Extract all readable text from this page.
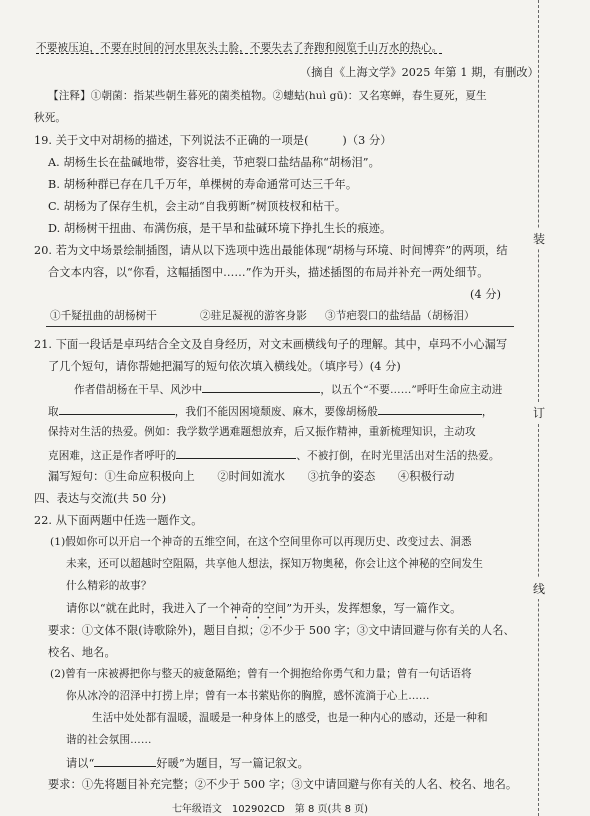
装
订
线
不要被压迫，不要在时间的河水里灰头土脸，不要失去了奔跑和阅览千山万水的热心。
（摘自《上海文学》2025 年第 1 期，有删改）
【注释】①朝菌：指某些朝生暮死的菌类植物。②蟪蛄(huì gū)：又名寒蝉，春生夏死，夏生
秋死。
19. 关于文中对胡杨的描述，下列说法不正确的一项是(　　　)（3 分）
A. 胡杨生长在盐碱地带，姿容壮美，节疤裂口盐结晶称“胡杨泪”。
B. 胡杨种群已存在几千万年，单棵树的寿命通常可达三千年。
C. 胡杨为了保存生机，会主动“自我剪断”树顶枝杈和枯干。
D. 胡杨树干扭曲、布满伤痕，是干旱和盐碱环境下挣扎生长的痕迹。
20. 若为文中场景绘制插图，请从以下选项中选出最能体现“胡杨与环境、时间博弈”的两项，结
合文本内容，以“你看，这幅插图中……”作为开头，描述插图的布局并补充一两处细节。
(4 分)
①千疑扭曲的胡杨树干	②驻足凝视的游客身影 ③节疤裂口的盐结晶（胡杨泪）
21. 下面一段话是卓玛结合全文及自身经历，对文末画横线句子的理解。其中，卓玛不小心漏写
了几个短句，请你帮她把漏写的短句依次填入横线处。（填序号）(4 分)
作者借胡杨在干旱、风沙中	，以五个“不要……”呼吁生命应主动进
取	，我们不能因困境颓废、麻木，要像胡杨般	，
保持对生活的热爱。例如：我学数学遇难题想放弃，后又振作精神，重新梳理知识，主动攻
克困难，这正是作者呼吁的	、不被打倒，在时光里活出对生活的热爱。
漏写短句：①生命应积极向上　　②时间如流水　　③抗争的姿态　　④积极行动
四、表达与交流(共 50 分)
22. 从下面两题中任选一题作文。
(1)假如你可以开启一个神奇的五维空间，在这个空间里你可以再现历史、改变过去、洞悉
未来，还可以超越时空阻隔，共享他人想法，探知万物奥秘，你会让这个神秘的空间发生
什么精彩的故事？
请你以“就在此时，我进入了一个神奇的空间”为开头，发挥想象，写一篇作文。
要求：①文体不限(诗歌除外)，题目自拟；②不少于 500 字；③文中请回避与你有关的人名、
校名、地名。
(2)曾有一床被褥把你与整天的疲惫隔绝；曾有一个拥抱给你勇气和力量；曾有一句话语将
你从冰冷的沼泽中打捞上岸；曾有一本书萦贴你的胸膛，感怀流淌于心上……
生活中处处都有温暖，温暖是一种身体上的感受，也是一种内心的感动，还是一种和
谐的社会氛围……
请以“	好暖”为题目，写一篇记叙文。
要求：①先将题目补充完整；②不少于 500 字；③文中请回避与你有关的人名、校名、地名。
七年级语文　102902CD　第 8 页(共 8 页)
